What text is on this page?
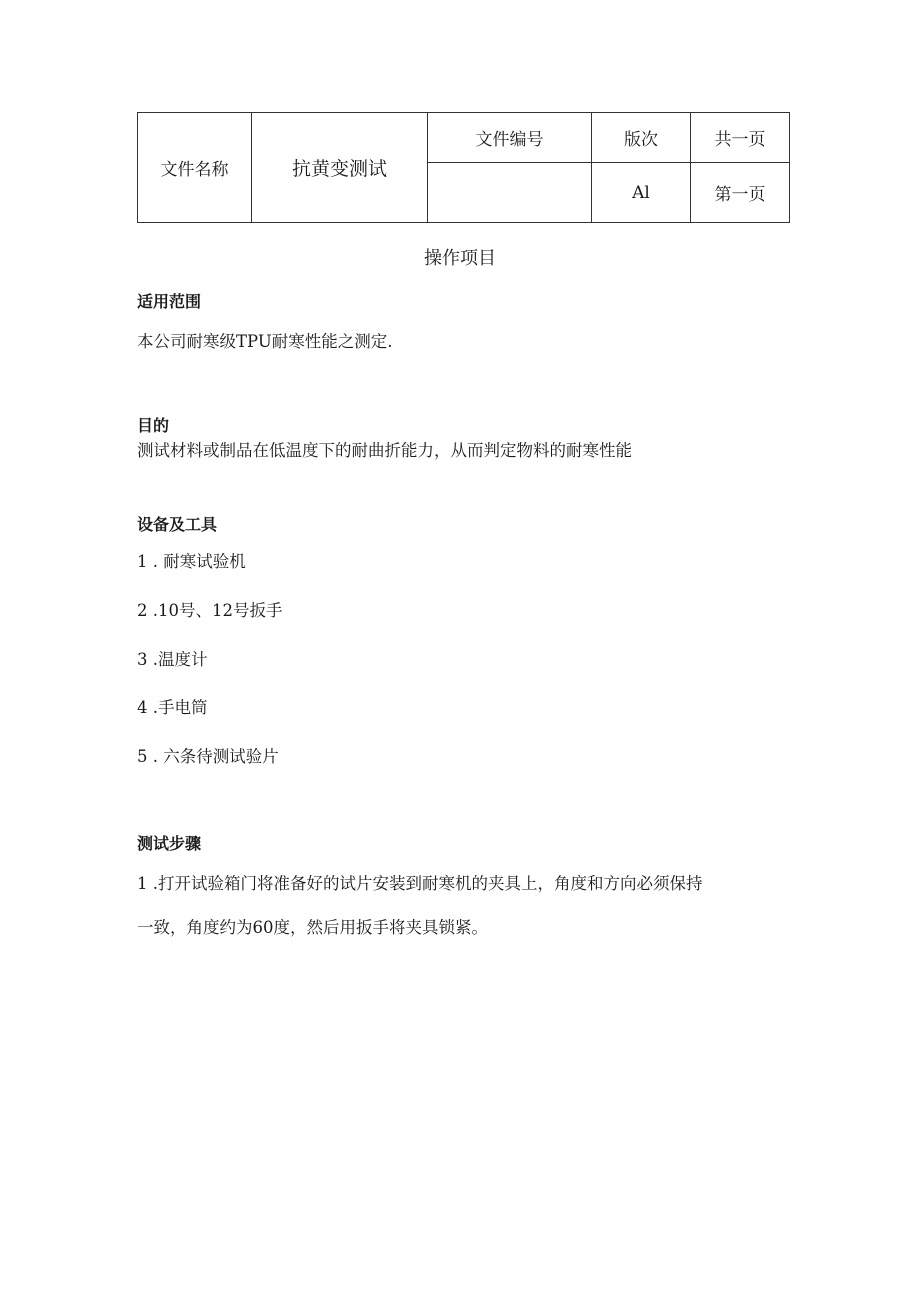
文件名称	抗黄变测试	文件编号	版次	共一页
			Al	第一页
操作项目
适用范围
本公司耐寒级TPU耐寒性能之测定.
目的
测试材料或制品在低温度下的耐曲折能力，从而判定物料的耐寒性能
设备及工具
1 . 耐寒试验机
2 .10号、12号扳手
3 .温度计
4 .手电筒
5 . 六条待测试验片
测试步骤
1 .打开试验箱门将准备好的试片安装到耐寒机的夹具上，角度和方向必须保持
一致，角度约为60度，然后用扳手将夹具锁紧。
